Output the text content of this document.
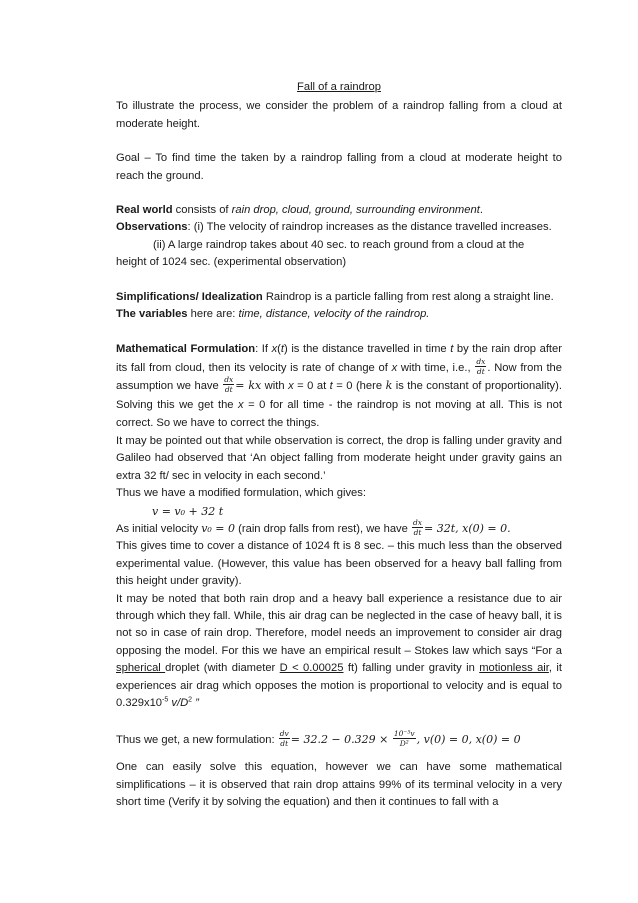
Fall of a raindrop

To illustrate the process, we consider the problem of a raindrop falling from a cloud at moderate height.

Goal – To find time the taken by a raindrop falling from a cloud at moderate height to reach the ground.

Real world consists of rain drop, cloud, ground, surrounding environment.

Observations: (i) The velocity of raindrop increases as the distance travelled increases.

(ii) A large raindrop takes about 40 sec. to reach ground from a cloud at the

height of 1024 sec. (experimental observation)

Simplifications/ Idealization Raindrop is a particle falling from rest along a straight line.

The variables here are: time, distance, velocity of the raindrop.

Mathematical Formulation: If x(t) is the distance travelled in time t by the rain drop after its fall from cloud, then its velocity is rate of change of x with time, i.e., $\frac{dx}{dt}$ . Now from the assumption we have $\frac{dx}{dt}$ = kx with x = 0 at t = 0 (here k is the constant of proportionality). Solving this we get the x = 0 for all time - the raindrop is not moving at all. This is not correct. So we have to correct the things.

It may be pointed out that while observation is correct, the drop is falling under gravity and Galileo had observed that ‘An object falling from moderate height under gravity gains an extra 32 ft/ sec in velocity in each second.’

Thus we have a modified formulation, which gives:

v = v₀ + 32 t

As initial velocity v₀ = 0 (rain drop falls from rest), we have $\frac{dx}{dt} = 32t$, x(0) = 0.

This gives time to cover a distance of 1024 ft is 8 sec. – this much less than the observed experimental value. (However, this value has been observed for a heavy ball falling from this height under gravity).

It may be noted that both rain drop and a heavy ball experience a resistance due to air through which they fall. While, this air drag can be neglected in the case of heavy ball, it is not so in case of rain drop. Therefore, model needs an improvement to consider air drag opposing the model. For this we have an empirical result – Stokes law which says “For a spherical droplet (with diameter D < 0.00025 ft) falling under gravity in motionless air, it experiences air drag which opposes the motion is proportional to velocity and is equal to $0.329x10^{-5}$ $v/D^2$ ”

Thus we get, a new formulation: $\frac{dv}{dt} = 32.2 - 0.329 \times \frac{\text{10⁻⁵v}}{\text{D²}}$ , v(0) = 0, x(0) = 0

One can easily solve this equation, however we can have some mathematical simplifications – it is observed that rain drop attains 99% of its terminal velocity in a very short time (Verify it by solving the equation) and then it continues to fall with a
